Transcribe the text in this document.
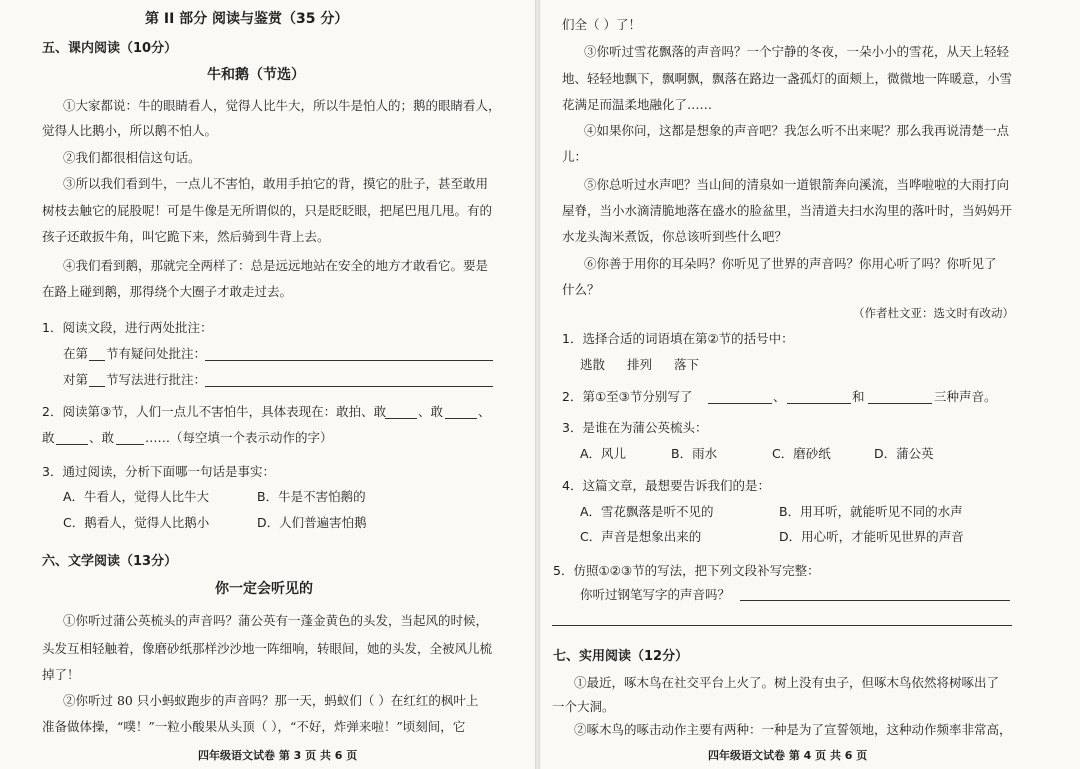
第 II 部分 阅读与鉴赏（35 分）
五、课内阅读（10分）
牛和鹅（节选）
①大家都说：牛的眼睛看人，觉得人比牛大，所以牛是怕人的；鹅的眼睛看人，
觉得人比鹅小，所以鹅不怕人。
②我们都很相信这句话。
③所以我们看到牛，一点儿不害怕，敢用手拍它的背，摸它的肚子，甚至敢用
树枝去触它的屁股呢！可是牛像是无所谓似的，只是眨眨眼，把尾巴甩几甩。有的
孩子还敢扳牛角，叫它跪下来，然后骑到牛背上去。
④我们看到鹅，那就完全两样了：总是远远地站在安全的地方才敢看它。要是
在路上碰到鹅，那得绕个大圈子才敢走过去。
1．阅读文段，进行两处批注：
在第 节有疑问处批注：
对第 节写法进行批注：
2．阅读第③节，人们一点儿不害怕牛，具体表现在：敢拍、敢	、敢	、
敢	、敢 ……（每空填一个表示动作的字）
3．通过阅读，分析下面哪一句话是事实：
A．牛看人，觉得人比牛大	B．牛是不害怕鹅的
C．鹅看人，觉得人比鹅小	D．人们普遍害怕鹅
六、文学阅读（13分）
你一定会听见的
①你听过蒲公英梳头的声音吗？蒲公英有一蓬金黄色的头发，当起风的时候，
头发互相轻触着，像磨砂纸那样沙沙地一阵细响，转眼间，她的头发，全被风儿梳
掉了！
②你听过 80 只小蚂蚁跑步的声音吗？那一天，蚂蚁们（ ）在红红的枫叶上
准备做体操，“噗！”一粒小酸果从头顶（ ），“不好，炸弹来啦！”顷刻间，它
四年级语文试卷 第 3 页 共 6 页
们全（ ）了！
③你听过雪花飘落的声音吗？一个宁静的冬夜，一朵小小的雪花，从天上轻轻
地、轻轻地飘下，飘啊飘，飘落在路边一盏孤灯的面颊上，微微地一阵暖意，小雪
花满足而温柔地融化了……
④如果你问，这都是想象的声音吧？我怎么听不出来呢？那么我再说清楚一点
儿：
⑤你总听过水声吧？当山间的清泉如一道银箭奔向溪流，当哗啦啦的大雨打向
屋脊，当小水滴清脆地落在盛水的脸盆里，当清道夫扫水沟里的落叶时，当妈妈开
水龙头淘米煮饭，你总该听到些什么吧？
⑥你善于用你的耳朵吗？你听见了世界的声音吗？你用心听了吗？你听见了
什么？
（作者杜文亚：选文时有改动）
1．选择合适的词语填在第②节的括号中：
逃散 排列 落下
2．第①至③节分别写了	、	和	三种声音。
3．是谁在为蒲公英梳头：
A．风儿	B．雨水	C．磨砂纸	D．蒲公英
4．这篇文章，最想要告诉我们的是：
A．雪花飘落是听不见的	B．用耳听，就能听见不同的水声
C．声音是想象出来的	D．用心听，才能听见世界的声音
5．仿照①②③节的写法，把下列文段补写完整：
你听过钢笔写字的声音吗？
七、实用阅读（12分）
①最近，啄木鸟在社交平台上火了。树上没有虫子，但啄木鸟依然将树啄出了
一个大洞。
②啄木鸟的啄击动作主要有两种：一种是为了宣誓领地，这种动作频率非常高，
四年级语文试卷 第 4 页 共 6 页
